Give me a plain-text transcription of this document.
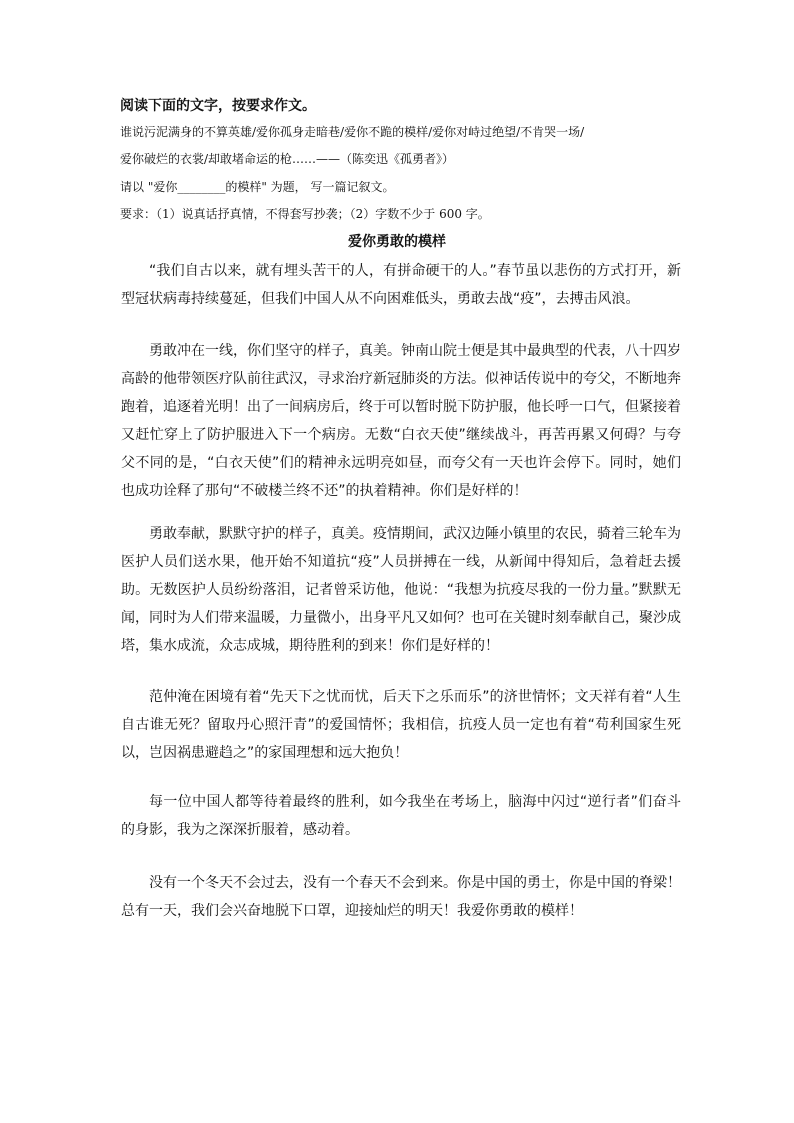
阅读下面的文字，按要求作文。
谁说污泥满身的不算英雄/爱你孤身走暗巷/爱你不跪的模样/爱你对峙过绝望/不肯哭一场/
爱你破烂的衣裳/却敢堵命运的枪……——（陈奕迅《孤勇者》）
请以 "爱你________的模样" 为题， 写一篇记叙文。
要求：（1）说真话抒真情，不得套写抄袭；（2）字数不少于 600 字。
爱你勇敢的模样

“我们自古以来，就有埋头苦干的人，有拼命硬干的人。”春节虽以悲伤的方式打开，新型冠状病毒持续蔓延，但我们中国人从不向困难低头，勇敢去战“疫”，去搏击风浪。

勇敢冲在一线，你们坚守的样子，真美。钟南山院士便是其中最典型的代表，八十四岁高龄的他带领医疗队前往武汉，寻求治疗新冠肺炎的方法。似神话传说中的夸父，不断地奔跑着，追逐着光明！出了一间病房后，终于可以暂时脱下防护服，他长呼一口气，但紧接着又赶忙穿上了防护服进入下一个病房。无数“白衣天使”继续战斗，再苦再累又何碍？与夸父不同的是，“白衣天使”们的精神永远明亮如昼，而夸父有一天也许会停下。同时，她们也成功诠释了那句“不破楼兰终不还”的执着精神。你们是好样的！

勇敢奉献，默默守护的样子，真美。疫情期间，武汉边陲小镇里的农民，骑着三轮车为医护人员们送水果，他开始不知道抗“疫”人员拼搏在一线，从新闻中得知后，急着赶去援助。无数医护人员纷纷落泪，记者曾采访他，他说：“我想为抗疫尽我的一份力量。”默默无闻，同时为人们带来温暖，力量微小，出身平凡又如何？也可在关键时刻奉献自己，聚沙成塔，集水成流，众志成城，期待胜利的到来！你们是好样的！

范仲淹在困境有着“先天下之忧而忧，后天下之乐而乐”的济世情怀；文天祥有着“人生自古谁无死？留取丹心照汗青”的爱国情怀；我相信，抗疫人员一定也有着“苟利国家生死以，岂因祸患避趋之”的家国理想和远大抱负！

每一位中国人都等待着最终的胜利，如今我坐在考场上，脑海中闪过“逆行者”们奋斗的身影，我为之深深折服着，感动着。

没有一个冬天不会过去，没有一个春天不会到来。你是中国的勇士，你是中国的脊梁！总有一天，我们会兴奋地脱下口罩，迎接灿烂的明天！我爱你勇敢的模样！
